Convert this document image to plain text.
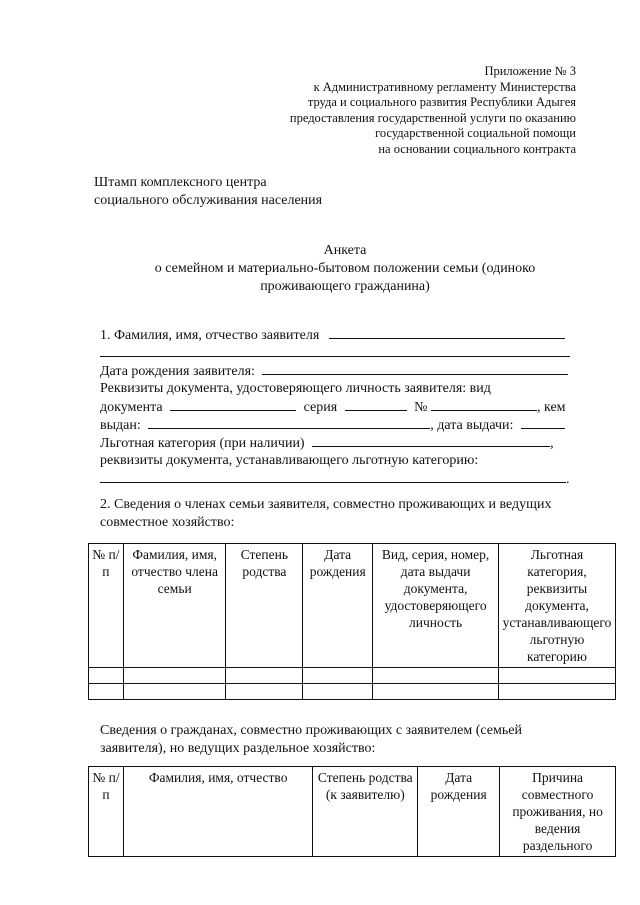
Приложение № 3
к Административному регламенту Министерства
труда и социального развития Республики Адыгея
предоставления государственной услуги по оказанию
государственной социальной помощи
на основании социального контракта
Штамп комплексного центра
социального обслуживания населения
Анкета
о семейном и материально-бытовом положении семьи (одиноко
проживающего гражданина)
1. Фамилия, имя, отчество заявителя
Дата рождения заявителя:
Реквизиты документа, удостоверяющего личность заявителя: вид
документа	серия	№	, кем
выдан:	, дата выдачи:
Льготная категория (при наличии)	,
реквизиты документа, устанавливающего льготную категорию:
.
2. Сведения о членах семьи заявителя, совместно проживающих и ведущих совместное хозяйство:
№ п/п	Фамилия, имя, отчество члена семьи	Степень родства	Дата рождения	Вид, серия, номер, дата выдачи документа, удостоверяющего личность	Льготная категория, реквизиты документа, устанавливающего льготную категорию

Сведения о гражданах, совместно проживающих с заявителем (семьей заявителя), но ведущих раздельное хозяйство:
№ п/п	Фамилия, имя, отчество	Степень родства (к заявителю)	Дата рождения	Причина совместного проживания, но ведения раздельного
